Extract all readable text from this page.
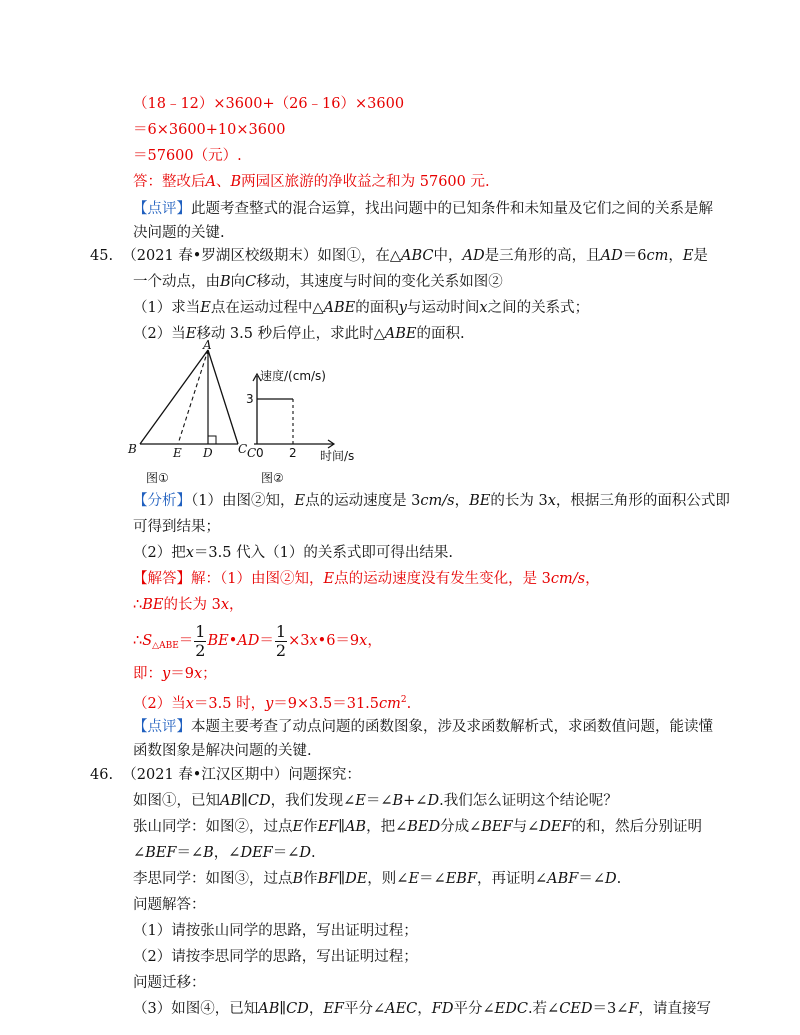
（18﹣12）×3600+（26﹣16）×3600
＝6×3600+10×3600
＝57600（元）.
答：整改后A、B两园区旅游的净收益之和为 57600 元.
【点评】此题考查整式的混合运算，找出问题中的已知条件和未知量及它们之间的关系是解
决问题的关键.
45. （2021 春•罗湖区校级期末）如图①，在△ABC中，AD是三角形的高，且AD＝6cm，E是
一个动点，由B向C移动，其速度与时间的变化关系如图②
（1）求当E点在运动过程中△ABE的面积y与运动时间x之间的关系式；
（2）当E移动 3.5 秒后停止，求此时△ABE的面积.
A
B	E D C
图①
速度/(cm/s)
时间/s
3
2
C 0
图②
【分析】（1）由图②知，E点的运动速度是 3cm/s，BE的长为 3x，根据三角形的面积公式即
可得到结果；
（2）把x＝3.5 代入（1）的关系式即可得出结果.
【解答】解：（1）由图②知，E点的运动速度没有发生变化，是 3cm/s，
∴BE的长为 3x，
$\therefore S_{\triangle ABE}= \frac{1}{2}$ BE•AD＝ $\frac{1}{2}$ ×3x•6＝9x，
即：y＝9x；
（2）当x＝3.5 时，$y=9\times 3.5=31.5cm^2$.
【点评】本题主要考查了动点问题的函数图象，涉及求函数解析式，求函数值问题，能读懂
函数图象是解决问题的关键.
46. （2021 春•江汉区期中）问题探究：
如图①，已知AB∥CD，我们发现∠E＝∠B+∠D.我们怎么证明这个结论呢？
张山同学：如图②，过点E作EF∥AB，把∠BED分成∠BEF与∠DEF的和，然后分别证明
∠BEF＝∠B，∠DEF＝∠D.
李思同学：如图③，过点B作BF∥DE，则∠E＝∠EBF，再证明∠ABF＝∠D.
问题解答：
（1）请按张山同学的思路，写出证明过程；
（2）请按李思同学的思路，写出证明过程；
问题迁移：
（3）如图④，已知AB∥CD，EF平分∠AEC，FD平分∠EDC.若∠CED＝3∠F，请直接写
